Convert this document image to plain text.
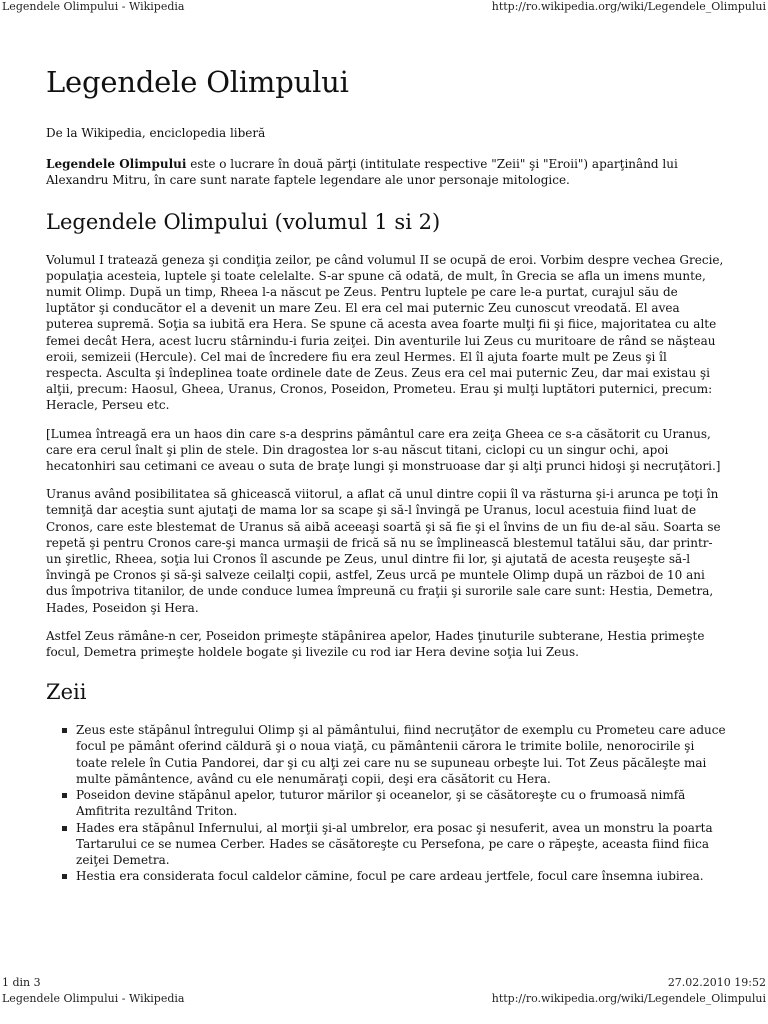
Legendele Olimpului - Wikipedia	http://ro.wikipedia.org/wiki/Legendele_Olimpului
Legendele Olimpului

De la Wikipedia, enciclopedia liberă

Legendele Olimpului este o lucrare în două părţi (intitulate respective "Zeii" şi "Eroii") aparţinând lui Alexandru Mitru, în care sunt narate faptele legendare ale unor personaje mitologice.

Legendele Olimpului (volumul 1 si 2)

Volumul I tratează geneza şi condiţia zeilor, pe când volumul II se ocupă de eroi. Vorbim despre vechea Grecie, populaţia acesteia, luptele şi toate celelalte. S-ar spune că odată, de mult, în Grecia se afla un imens munte, numit Olimp. După un timp, Rheea l-a născut pe Zeus. Pentru luptele pe care le-a purtat, curajul său de luptător şi conducător el a devenit un mare Zeu. El era cel mai puternic Zeu cunoscut vreodată. El avea puterea supremă. Soţia sa iubită era Hera. Se spune că acesta avea foarte mulţi fii şi fiice, majoritatea cu alte femei decât Hera, acest lucru stârnindu-i furia zeiţei. Din aventurile lui Zeus cu muritoare de rând se năşteau eroii, semizeii (Hercule). Cel mai de încredere fiu era zeul Hermes. El îl ajuta foarte mult pe Zeus şi îl respecta. Asculta şi îndeplinea toate ordinele date de Zeus. Zeus era cel mai puternic Zeu, dar mai existau şi alţii, precum: Haosul, Gheea, Uranus, Cronos, Poseidon, Prometeu. Erau şi mulţi luptători puternici, precum: Heracle, Perseu etc.

[Lumea întreagă era un haos din care s-a desprins pământul care era zeiţa Gheea ce s-a căsătorit cu Uranus, care era cerul înalt şi plin de stele. Din dragostea lor s-au născut titani, ciclopi cu un singur ochi, apoi hecatonhiri sau cetimani ce aveau o suta de braţe lungi şi monstruoase dar şi alţi prunci hidoşi şi necruţători.]

Uranus având posibilitatea să ghicească viitorul, a aflat că unul dintre copii îl va răsturna şi-i arunca pe toţi în temniţă dar aceştia sunt ajutaţi de mama lor sa scape şi să-l învingă pe Uranus, locul acestuia fiind luat de Cronos, care este blestemat de Uranus să aibă aceeaşi soartă şi să fie şi el învins de un fiu de-al său. Soarta se repetă şi pentru Cronos care-şi manca urmaşii de frică să nu se împlinească blestemul tatălui său, dar printr-un şiretlic, Rheea, soţia lui Cronos îl ascunde pe Zeus, unul dintre fii lor, şi ajutată de acesta reuşeşte să-l învingă pe Cronos şi să-şi salveze ceilalţi copii, astfel, Zeus urcă pe muntele Olimp după un război de 10 ani dus împotriva titanilor, de unde conduce lumea împreună cu fraţii şi surorile sale care sunt: Hestia, Demetra, Hades, Poseidon şi Hera.

Astfel Zeus rămâne-n cer, Poseidon primeşte stăpânirea apelor, Hades ţinuturile subterane, Hestia primeşte focul, Demetra primeşte holdele bogate şi livezile cu rod iar Hera devine soţia lui Zeus.

Zeii
Zeus este stăpânul întregului Olimp şi al pământului, fiind necruţător de exemplu cu Prometeu care aduce focul pe pământ oferind căldură şi o noua viaţă, cu pământenii cărora le trimite bolile, nenorocirile şi toate relele în Cutia Pandorei, dar şi cu alţi zei care nu se supuneau orbeşte lui. Tot Zeus păcăleşte mai multe pământence, având cu ele nenumăraţi copii, deşi era căsătorit cu Hera.
Poseidon devine stăpânul apelor, tuturor mărilor şi oceanelor, şi se căsătoreşte cu o frumoasă nimfă Amfitrita rezultând Triton.
Hades era stăpânul Infernului, al morţii şi-al umbrelor, era posac şi nesuferit, avea un monstru la poarta Tartarului ce se numea Cerber. Hades se căsătoreşte cu Persefona, pe care o răpeşte, aceasta fiind fiica zeiţei Demetra.
Hestia era considerata focul caldelor cămine, focul pe care ardeau jertfele, focul care însemna iubirea.
1 din 3	27.02.2010 19:52
Legendele Olimpului - Wikipedia	http://ro.wikipedia.org/wiki/Legendele_Olimpului
